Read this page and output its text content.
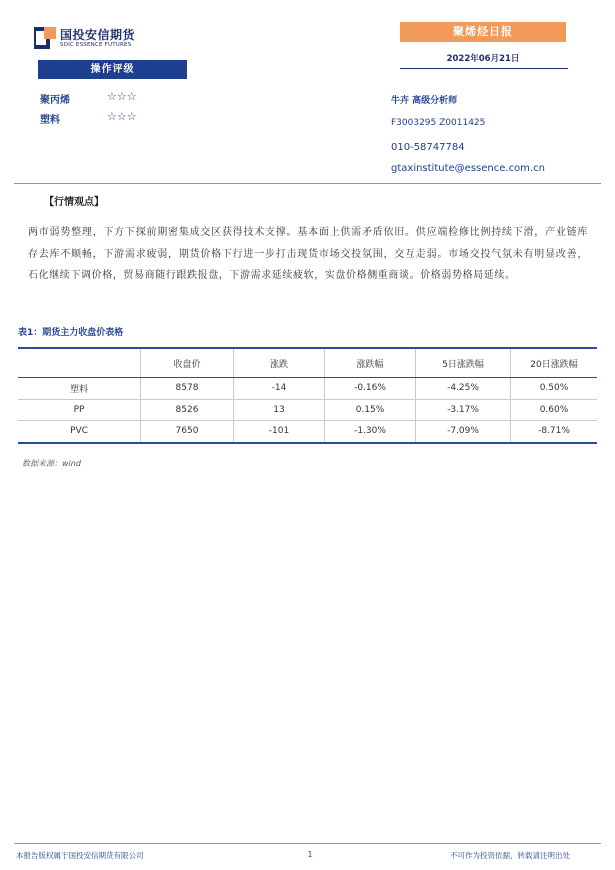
国投安信期货
SDIC ESSENCE FUTURES
聚烯烃日报
2022年06月21日
操作评级
聚丙烯	☆☆☆
塑料	☆☆☆
牛卉 高级分析师
F3003295 Z0011425
010-58747784
gtaxinstitute@essence.com.cn
【行情观点】
两市弱势整理，下方下探前期密集成交区获得技术支撑。基本面上供需矛盾依旧。供应端检修比例持续下滑，产业链库存去库不顺畅，下游需求疲弱，期货价格下行进一步打击现货市场交投氛围，交互走弱。市场交投气氛未有明显改善，石化继续下调价格，贸易商随行跟跌报盘，下游需求延续疲软，实盘价格侧重商谈。价格弱势格局延续。
表1：期货主力收盘价表格
	收盘价	涨跌	涨跌幅	5日涨跌幅	20日涨跌幅
塑料	8578	-14	-0.16%	-4.25%	0.50%
PP	8526	13	0.15%	-3.17%	0.60%
PVC	7650	-101	-1.30%	-7.09%	-8.71%
数据来源：wind
本报告版权属于国投安信期货有限公司	1	不可作为投资依据，转载请注明出处
